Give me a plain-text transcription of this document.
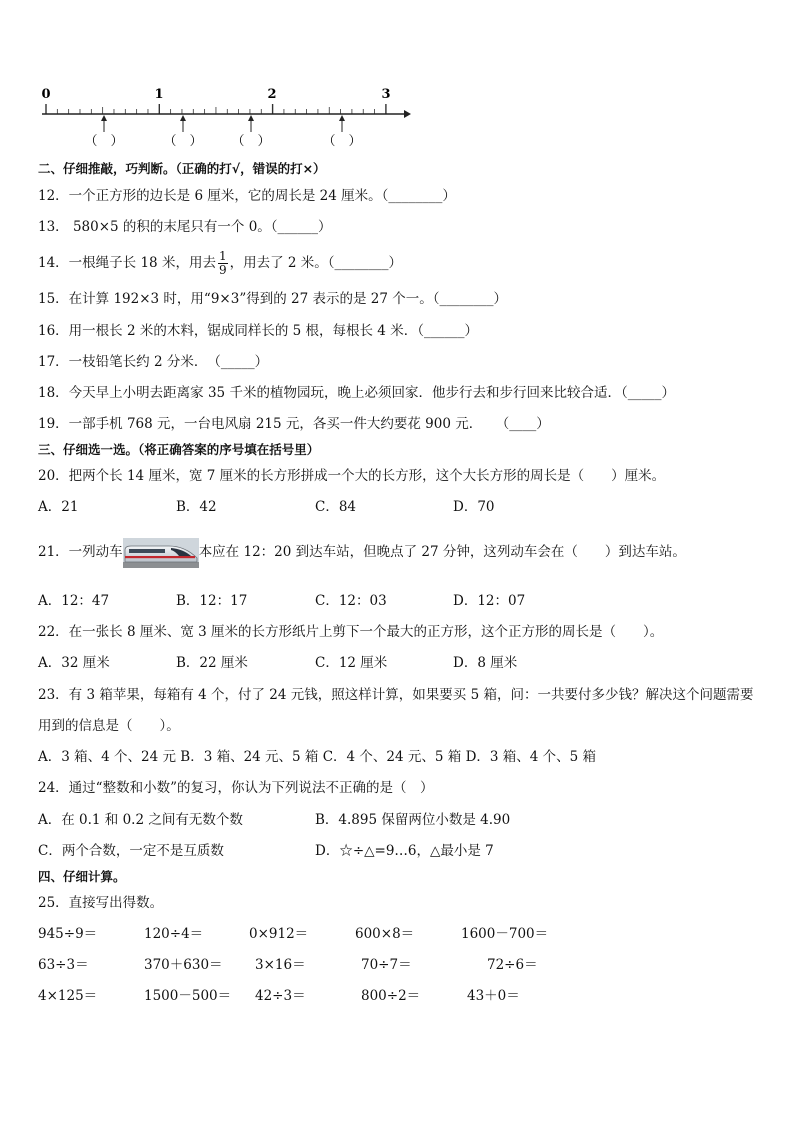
0	1	2	3
（　）	（　） （　）	（　）
二、仔细推敲，巧判断。（正确的打√，错误的打×）
12．一个正方形的边长是 6 厘米，它的周长是 24 厘米。（________）
13． 580×5 的积的末尾只有一个 0。（______）
14．一根绳子长 18 米，用去 $\frac{1}{9}$ ，用去了 2 米。（________）
15．在计算 192×3 时，用“9×3”得到的 27 表示的是 27 个一。（________）
16．用一根长 2 米的木料，锯成同样长的 5 根，每根长 4 米．（______）
17．一枝铅笔长约 2 分米．　（_____）
18．今天早上小明去距离家 35 千米的植物园玩，晚上必须回家．他步行去和步行回来比较合适．（_____）
19．一部手机 768 元，一台电风扇 215 元，各买一件大约要花 900 元．　　（____）
三、仔细选一选。（将正确答案的序号填在括号里）
20．把两个长 14 厘米，宽 7 厘米的长方形拼成一个大的长方形，这个大长方形的周长是（　　）厘米。
A．21	B．42	C．84	D．70
21．一列动车	本应在 12：20 到达车站，但晚点了 27 分钟，这列动车会在（　　）到达车站。
A．12：47	B．12：17	C．12：03	D．12：07
22．在一张长 8 厘米、宽 3 厘米的长方形纸片上剪下一个最大的正方形，这个正方形的周长是（　　）。
A．32 厘米	B．22 厘米	C．12 厘米	D．8 厘米
23．有 3 箱苹果，每箱有 4 个，付了 24 元钱，照这样计算，如果要买 5 箱，问：一共要付多少钱？解决这个问题需要
用到的信息是（　　）。
A．3 箱、4 个、24 元 B．3 箱、24 元、5 箱 C．4 个、24 元、5 箱 D．3 箱、4 个、5 箱
24．通过“整数和小数”的复习，你认为下列说法不正确的是（　）
A．在 0.1 和 0.2 之间有无数个数	B．4.895 保留两位小数是 4.90
C．两个合数，一定不是互质数	D．☆÷△=9…6，△最小是 7
四、仔细计算。
25．直接写出得数。
945÷9＝	120÷4＝	0×912＝	600×8＝	1600－700＝
63÷3＝	370＋630＝ 3×16＝	70÷7＝	72÷6＝
4×125＝	1500－500＝ 42÷3＝	800÷2＝	43＋0＝
